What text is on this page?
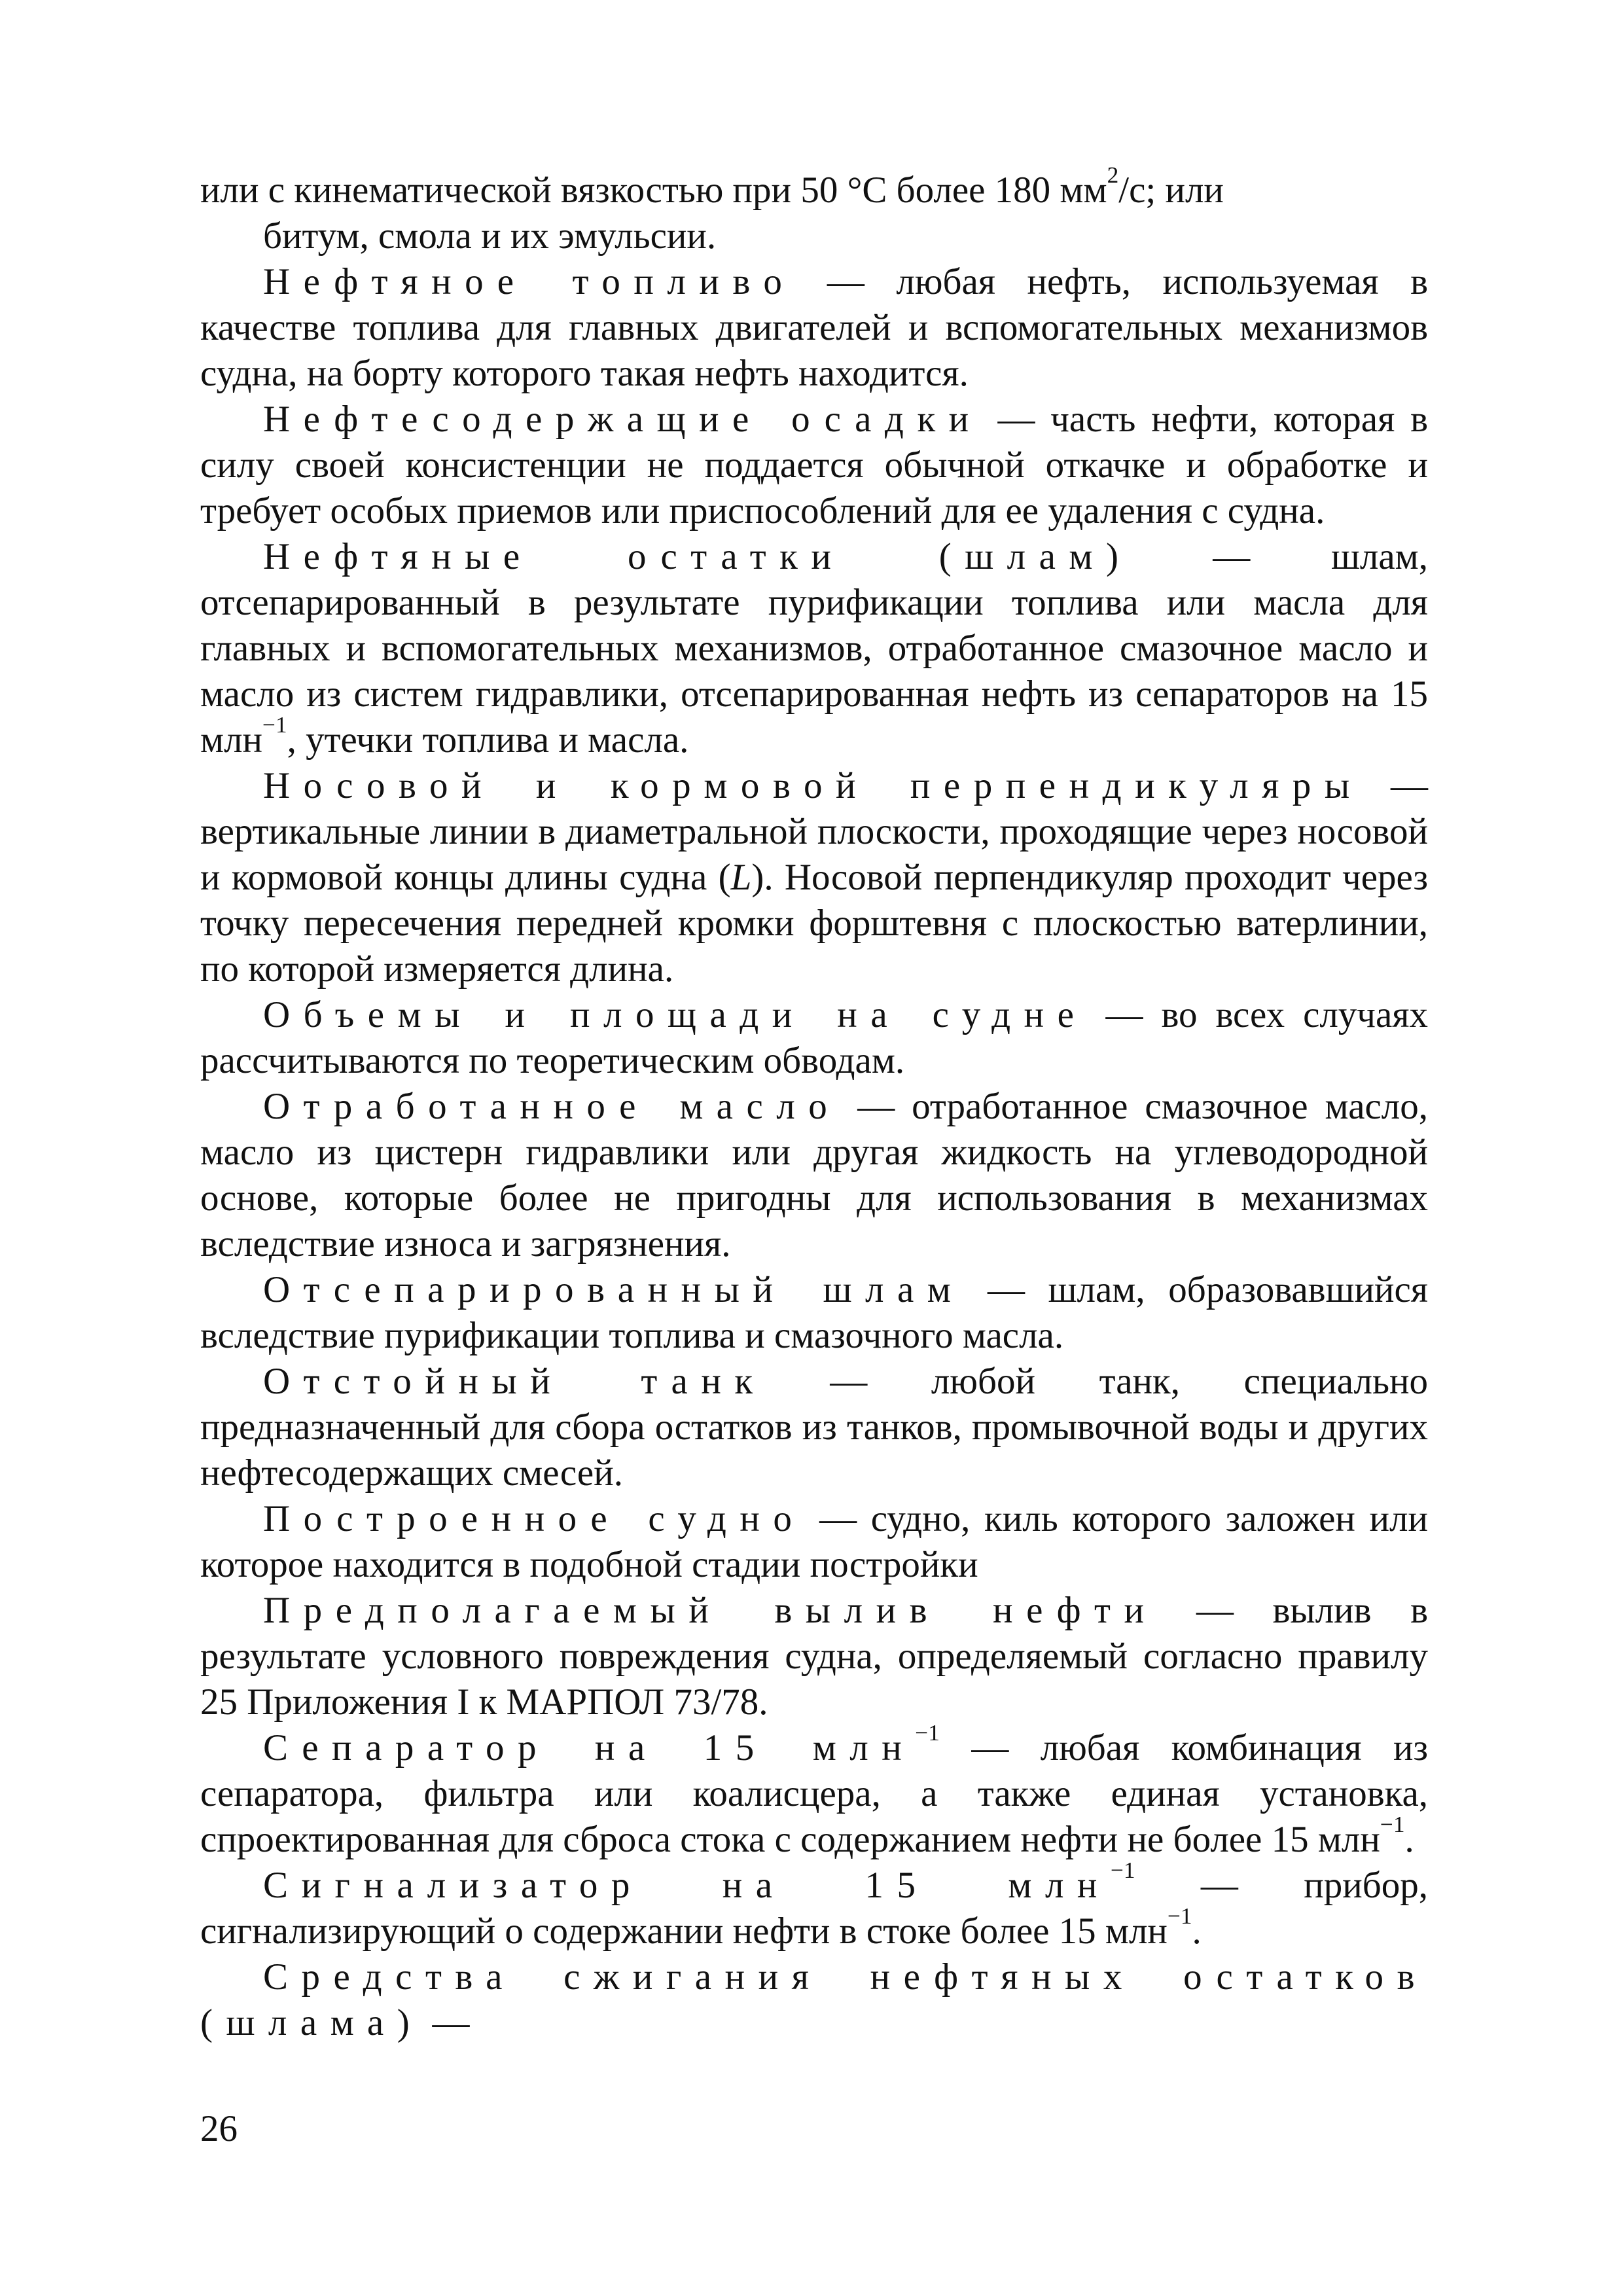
или с кинематической вязкостью при 50 °С более 180 $мм^2/с$; или

битум, смола и их эмульсии.

Нефтяное топливо — любая нефть, используемая в качестве топлива для главных двигателей и вспомогательных механизмов судна, на борту которого такая нефть находится.

Нефтесодержащие осадки — часть нефти, которая в силу своей консистенции не поддается обычной откачке и обработке и требует особых приемов или приспособлений для ее удаления с судна.

Нефтяные остатки (шлам) — шлам, отсепарированный в результате пурификации топлива или масла для главных и вспомогательных механизмов, отработанное смазочное масло и масло из систем гидравлики, отсепарированная нефть из сепараторов на 15 млн$^{-1}$, утечки топлива и масла.

Носовой и кормовой перпендикуляры — вертикальные линии в диаметральной плоскости, проходящие через носовой и кормовой концы длины судна (L). Носовой перпендикуляр проходит через точку пересечения передней кромки форштевня с плоскостью ватерлинии, по которой измеряется длина.

Объемы и площади на судне — во всех случаях рассчитываются по теоретическим обводам.

Отработанное масло — отработанное смазочное масло, масло из цистерн гидравлики или другая жидкость на углеводородной основе, которые более не пригодны для использования в механизмах вследствие износа и загрязнения.

Отсепарированный шлам — шлам, образовавшийся вследствие пурификации топлива и смазочного масла.

Отстойный танк — любой танк, специально предназначенный для сбора остатков из танков, промывочной воды и других нефтесодержащих смесей.

Построенное судно — судно, киль которого заложен или которое находится в подобной стадии постройки

Предполагаемый вылив нефти — вылив в результате условного повреждения судна, определяемый согласно правилу 25 Приложения I к МАРПОЛ 73/78.

Сепаратор на 15 млн$^{-1}$ — любая комбинация из сепаратора, фильтра или коалисцера, а также единая установка, спроектированная для сброса стока с содержанием нефти не более 15 млн$^{-1}$.

Сигнализатор на 15 млн$^{-1}$ — прибор, сигнализирующий о содержании нефти в стоке более 15 млн$^{-1}$.

Средства сжигания нефтяных остатков (шлама) —

26
